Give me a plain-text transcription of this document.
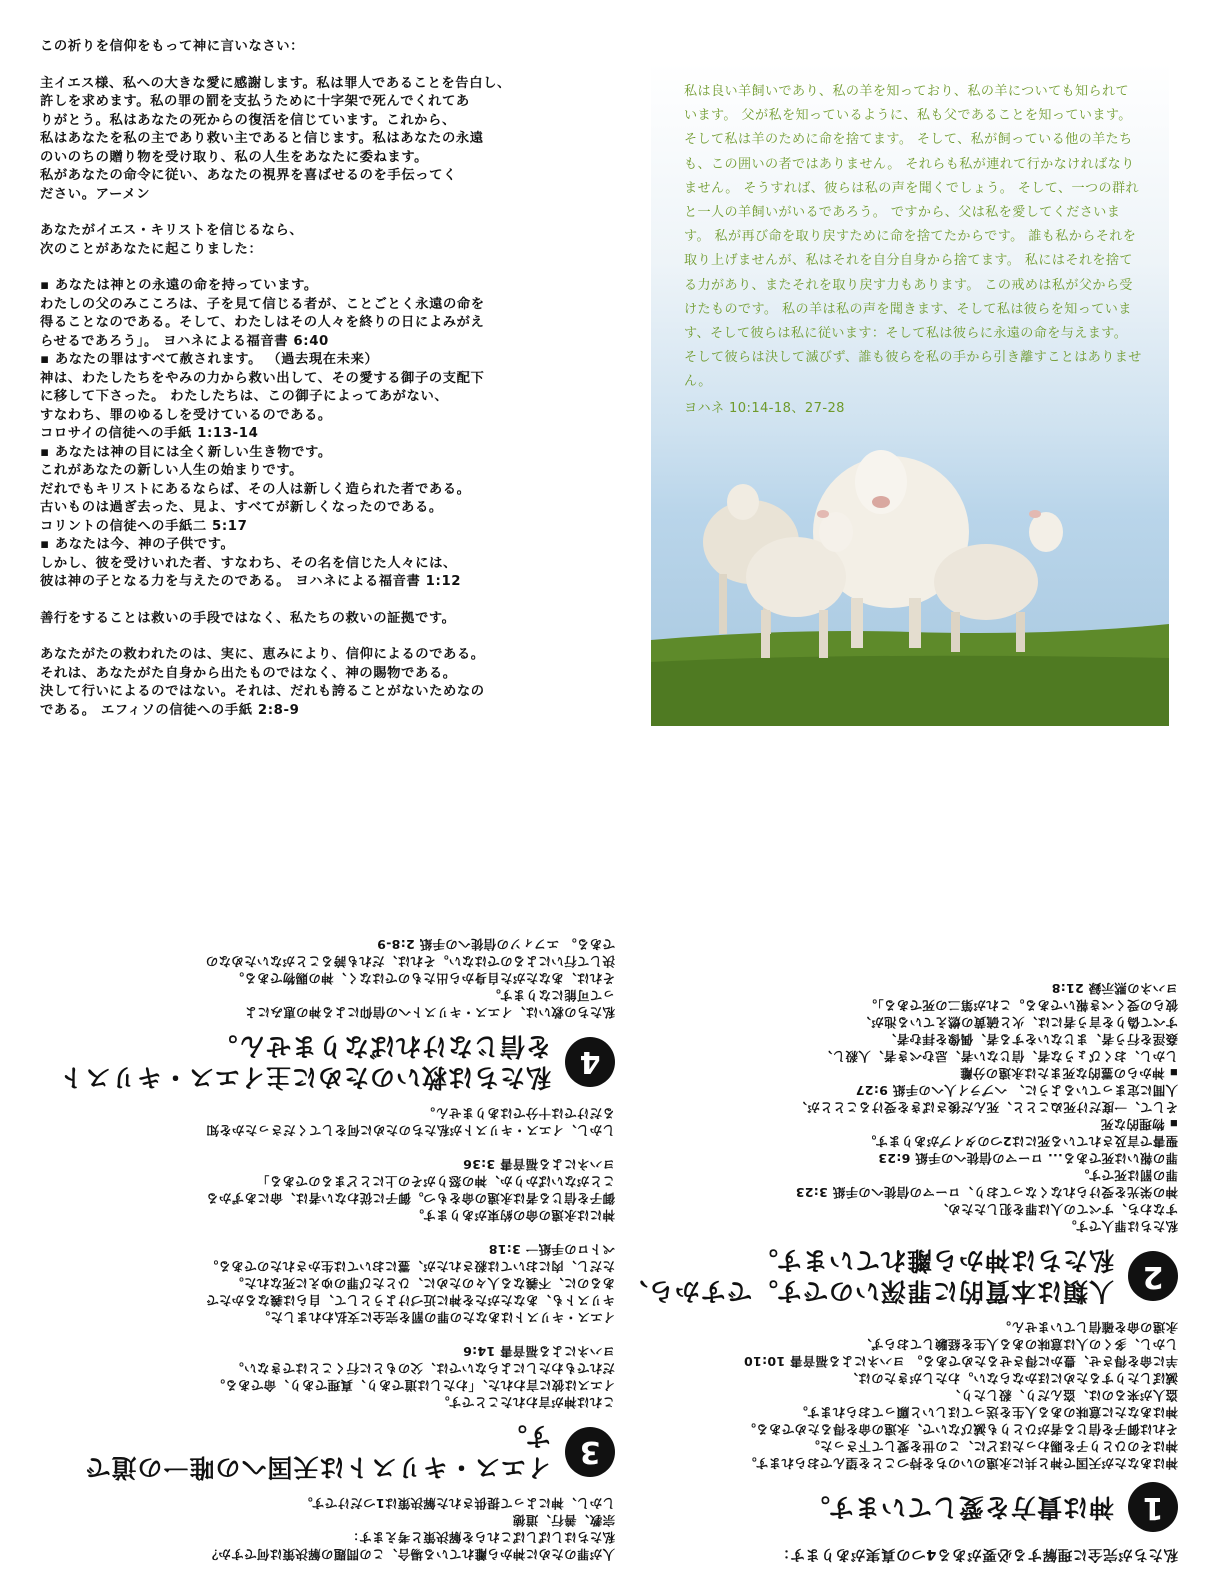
この祈りを信仰をもって神に言いなさい：

主イエス様、私への大きな愛に感謝します。私は罪人であることを告白し、
許しを求めます。私の罪の罰を支払うために十字架で死んでくれてあ
りがとう。私はあなたの死からの復活を信じています。これから、
私はあなたを私の主であり救い主であると信じます。私はあなたの永遠
のいのちの贈り物を受け取り、私の人生をあなたに委ねます。
私があなたの命令に従い、あなたの視界を喜ばせるのを手伝ってく
ださい。アーメン

あなたがイエス・キリストを信じるなら、
次のことがあなたに起こりました：

▪ あなたは神との永遠の命を持っています。
わたしの父のみこころは、子を見て信じる者が、ことごとく永遠の命を
得ることなのである。そして、わたしはその人々を終りの日によみがえ
らせるであろう」。 ヨハネによる福音書 6:40
▪ あなたの罪はすべて赦されます。 （過去現在未来）
神は、わたしたちをやみの力から救い出して、その愛する御子の支配下
に移して下さった。 わたしたちは、この御子によってあがない、
すなわち、罪のゆるしを受けているのである。
コロサイの信徒への手紙 1:13-14
▪ あなたは神の目には全く新しい生き物です。
これがあなたの新しい人生の始まりです。
だれでもキリストにあるならば、その人は新しく造られた者である。
古いものは過ぎ去った、見よ、すべてが新しくなったのである。
コリントの信徒への手紙二 5:17
▪ あなたは今、神の子供です。
しかし、彼を受けいれた者、すなわち、その名を信じた人々には、
彼は神の子となる力を与えたのである。 ヨハネによる福音書 1:12

善行をすることは救いの手段ではなく、私たちの救いの証拠です。

あなたがたの救われたのは、実に、恵みにより、信仰によるのである。
それは、あなたがた自身から出たものではなく、神の賜物である。
決して行いによるのではない。それは、だれも誇ることがないためなの
である。 エフィソの信徒への手紙 2:8-9

私は良い羊飼いであり、私の羊を知っており、私の羊についても知られています。 父が私を知っているように、私も父であることを知っています。 そして私は羊のために命を捨てます。 そして、私が飼っている他の羊たちも、この囲いの者ではありません。 それらも私が連れて行かなければなりません。 そうすれば、彼らは私の声を聞くでしょう。 そして、一つの群れと一人の羊飼いがいるであろう。 ですから、父は私を愛してくださいます。 私が再び命を取り戻すために命を捨てたからです。 誰も私からそれを取り上げませんが、私はそれを自分自身から捨てます。 私にはそれを捨てる力があり、またそれを取り戻す力もあります。 この戒めは私が父から受けたものです。 私の羊は私の声を聞きます、そして私は彼らを知っています、そして彼らは私に従います：そして私は彼らに永遠の命を与えます。 そして彼らは決して滅びず、誰も彼らを私の手から引き離すことはありません。
ヨハネ 10:14-18、27-28

人が罪のために神から離れている場合、この問題の解決策は何ですか？
私たちはしばしばこれらを解決策と考えます：
宗教、善行、道徳
しかし、神によって提供された解決策は1つだけです。

3
イエス・キリストは天国への唯一の道です。

これは神が言われたことです。
イエスは彼に言われた、「わたしは道であり、真理であり、命である。
だれでもわたしによらないでは、父のもとに行くことはできない。
ヨハネによる福音書 14:6

イエス・キリストはあなたの罪の罰を完全に支払われました。
キリストも、あなたがたを神に近づけようとして、自らは義なるかたで
あるのに、不義なる人々のために、ひとたび罪のゆえに死なれた。
ただし、肉においては殺されたが、霊においては生かされたのである。
ペトロの手紙一 3:18

神には永遠の命の約束があります。
御子を信じる者は永遠の命をもつ。御子に従わない者は、命にあずかる
ことがないばかりか、神の怒りがその上にとどまるのである」
ヨハネによる福音書 3:36

しかし、イエス・キリストが私たちのために何をしてくださったかを知
るだけでは十分ではありません。

4
私たちは救いのために主イエス・キリストを信じなければなりません。

私たちの救いは、イエス・キリストへの信仰による神の恵みによ
って可能になります。
それは、あなたがた自身から出たものではなく、神の賜物である。
決して行いによるのではない。それは、だれも誇ることがないためなの
である。 エフィソの信徒への手紙 2:8-9

私たちが完全に理解する必要がある4つの真実があります：

1
神は貴方を愛しています。

神はあなたが天国で神と共に永遠のいのちを持つことを望んでおられます。
神はそのひとり子を賜わったほどに、この世を愛して下さった。
それは御子を信じる者がひとりも滅びないで、永遠の命を得るためである。
神はあなたに意味のある人生を送ってほしいと願っておられます。
盗人が来るのは、盗んだり、殺したり、
滅ぼしたりするためにほかならない。わたしがきたのは、
羊に命を得させ、豊かに得させるためである。 ヨハネによる福音書 10:10
しかし、多くの人は意味のある人生を経験しておらず、
永遠の命を確信していません。

2
人類は本質的に罪深いのです。ですから、私たちは神から離れています。

私たちは罪人です。
すなわち、すべての人は罪を犯したため、
神の栄光を受けられなくなっており、ローマの信徒への手紙 3:23
罪の罰は死です。
罪の報いは死である... ローマの信徒への手紙 6:23
聖書で言及されている死には2つのタイプがあります。
▪ 物理的な死
そして、一度だけ死ぬことと、死んだ後さばきを受けることとが、
人間に定まっているように、 ヘブライ人への手紙 9:27
▪ 神からの霊的な死または永遠の分離
しかし、おくびょうな者、信じない者、忌むべき者、人殺し、
姦淫を行う者、まじないをする者、偶像を拝む者、
すべて偽りを言う者には、火と硫黄の燃えている池が、
彼らの受くべき報いである。これが第二の死である」。
ヨハネの黙示録 21:8
